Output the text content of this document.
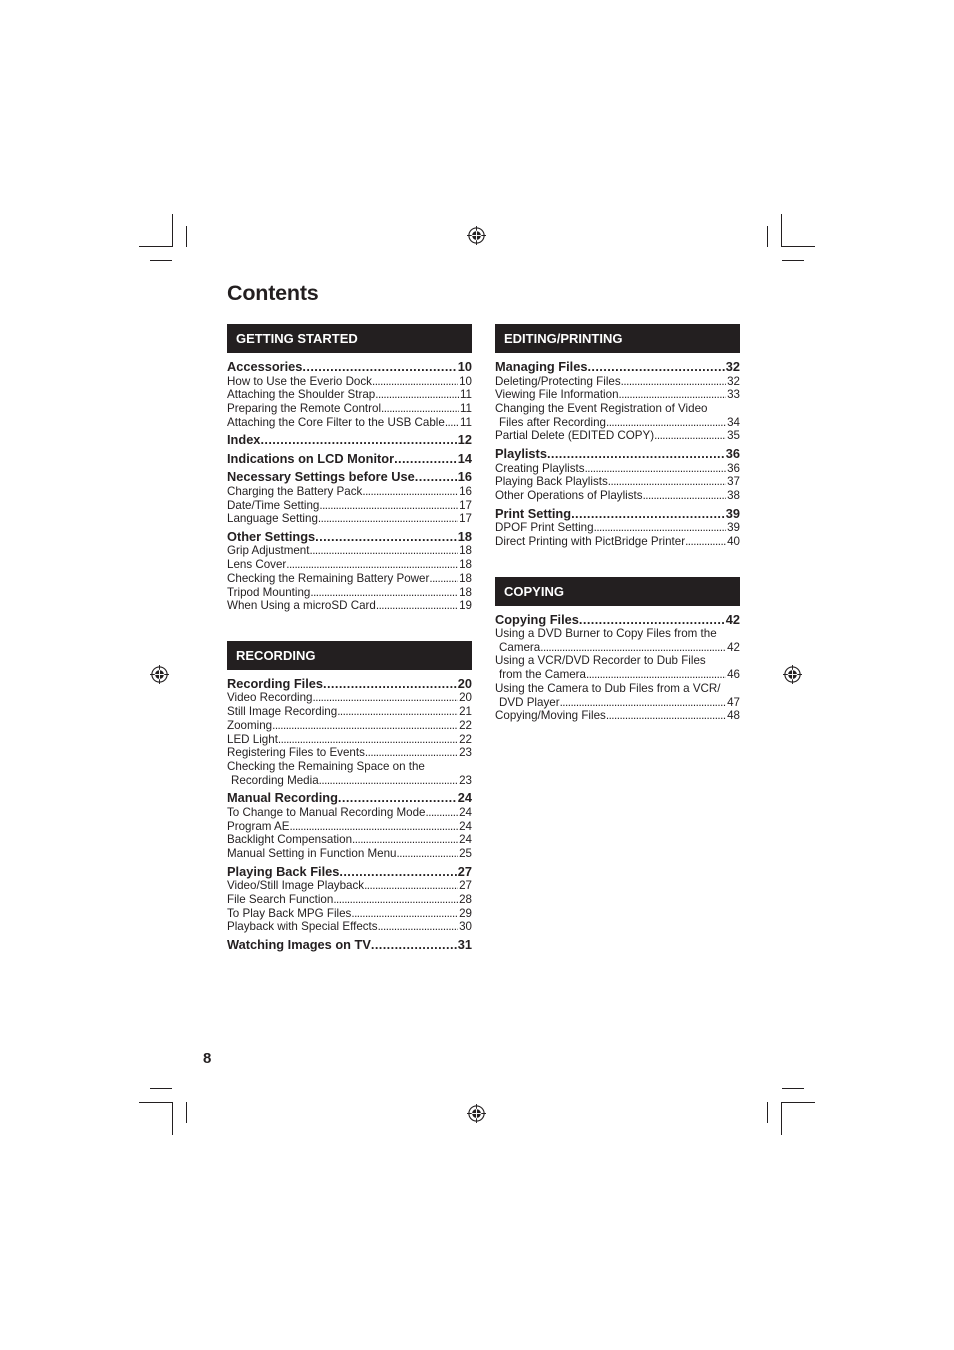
Contents
GETTING STARTED
Accessories .....	10
How to Use the Everio Dock .....	10
Attaching the Shoulder Strap .....	11
Preparing the Remote Control .....	11
Attaching the Core Filter to the USB Cable ..... 11
Index .....	12
Indications on LCD Monitor .....	14
Necessary Settings before Use .....	16
Charging the Battery Pack .....	16
Date/Time Setting .....	17
Language Setting .....	17
Other Settings .....	18
Grip Adjustment .....	18
Lens Cover .....	18
Checking the Remaining Battery Power .....	18
Tripod Mounting .....	18
When Using a microSD Card .....	19
RECORDING
Recording Files .....	20
Video Recording .....	20
Still Image Recording .....	21
Zooming .....	22
LED Light .....	22
Registering Files to Events .....	23
Checking the Remaining Space on the
Recording Media .....	23
Manual Recording .....	24
To Change to Manual Recording Mode .....	24
Program AE .....	24
Backlight Compensation .....	24
Manual Setting in Function Menu .....	25
Playing Back Files .....	27
Video/Still Image Playback .....	27
File Search Function .....	28
To Play Back MPG Files .....	29
Playback with Special Effects .....	30
Watching Images on TV .....	31
EDITING/PRINTING
Managing Files .....	32
Deleting/Protecting Files .....	32
Viewing File Information .....	33
Changing the Event Registration of Video
Files after Recording .....	34
Partial Delete (EDITED COPY) .....	35
Playlists .....	36
Creating Playlists .....	36
Playing Back Playlists .....	37
Other Operations of Playlists .....	38
Print Setting .....	39
DPOF Print Setting .....	39
Direct Printing with PictBridge Printer .....	40
COPYING
Copying Files .....	42
Using a DVD Burner to Copy Files from the
Camera .....	42
Using a VCR/DVD Recorder to Dub Files
from the Camera .....	46
Using the Camera to Dub Files from a VCR/
DVD Player .....	47
Copying/Moving Files .....	48
8
